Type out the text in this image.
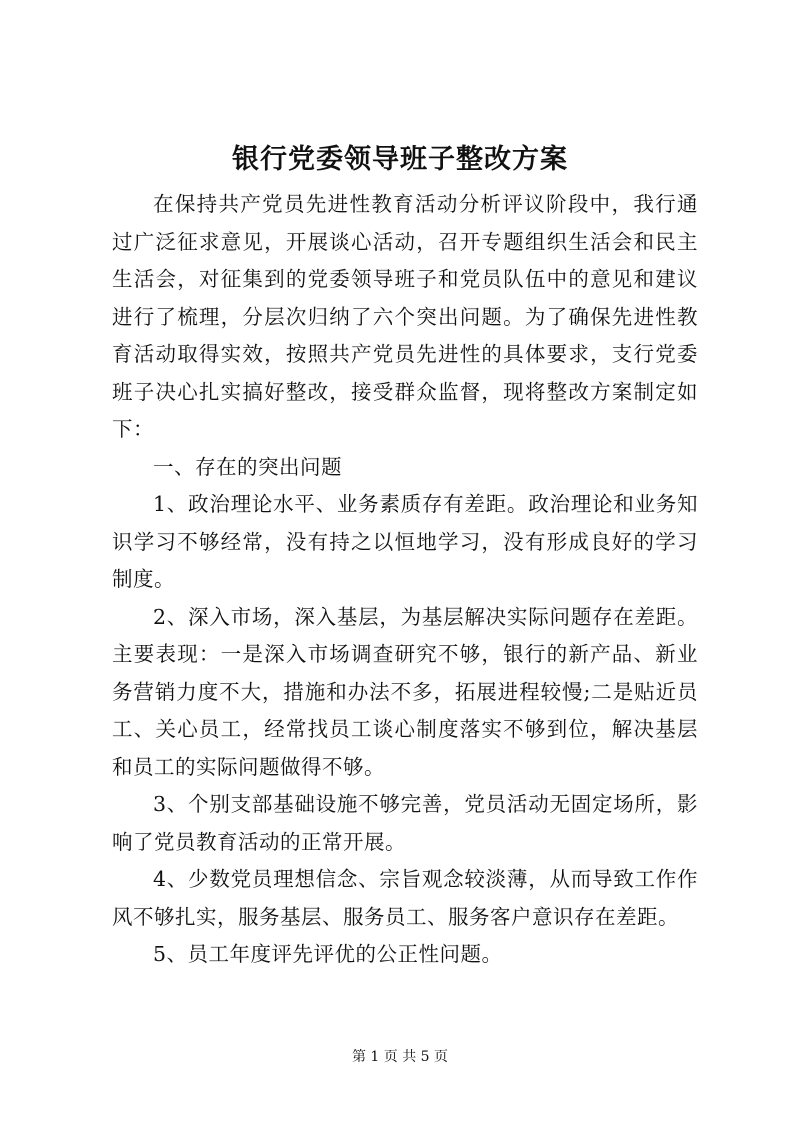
银行党委领导班子整改方案

在保持共产党员先进性教育活动分析评议阶段中，我行通过广泛征求意见，开展谈心活动，召开专题组织生活会和民主生活会，对征集到的党委领导班子和党员队伍中的意见和建议进行了梳理，分层次归纳了六个突出问题。为了确保先进性教育活动取得实效，按照共产党员先进性的具体要求，支行党委班子决心扎实搞好整改，接受群众监督，现将整改方案制定如下：

一、存在的突出问题

1、政治理论水平、业务素质存有差距。政治理论和业务知识学习不够经常，没有持之以恒地学习，没有形成良好的学习制度。

2、深入市场，深入基层，为基层解决实际问题存在差距。主要表现：一是深入市场调查研究不够，银行的新产品、新业务营销力度不大，措施和办法不多，拓展进程较慢;二是贴近员工、关心员工，经常找员工谈心制度落实不够到位，解决基层和员工的实际问题做得不够。

3、个别支部基础设施不够完善，党员活动无固定场所，影响了党员教育活动的正常开展。

4、少数党员理想信念、宗旨观念较淡薄，从而导致工作作风不够扎实，服务基层、服务员工、服务客户意识存在差距。

5、员工年度评先评优的公正性问题。

第 1 页 共 5 页
